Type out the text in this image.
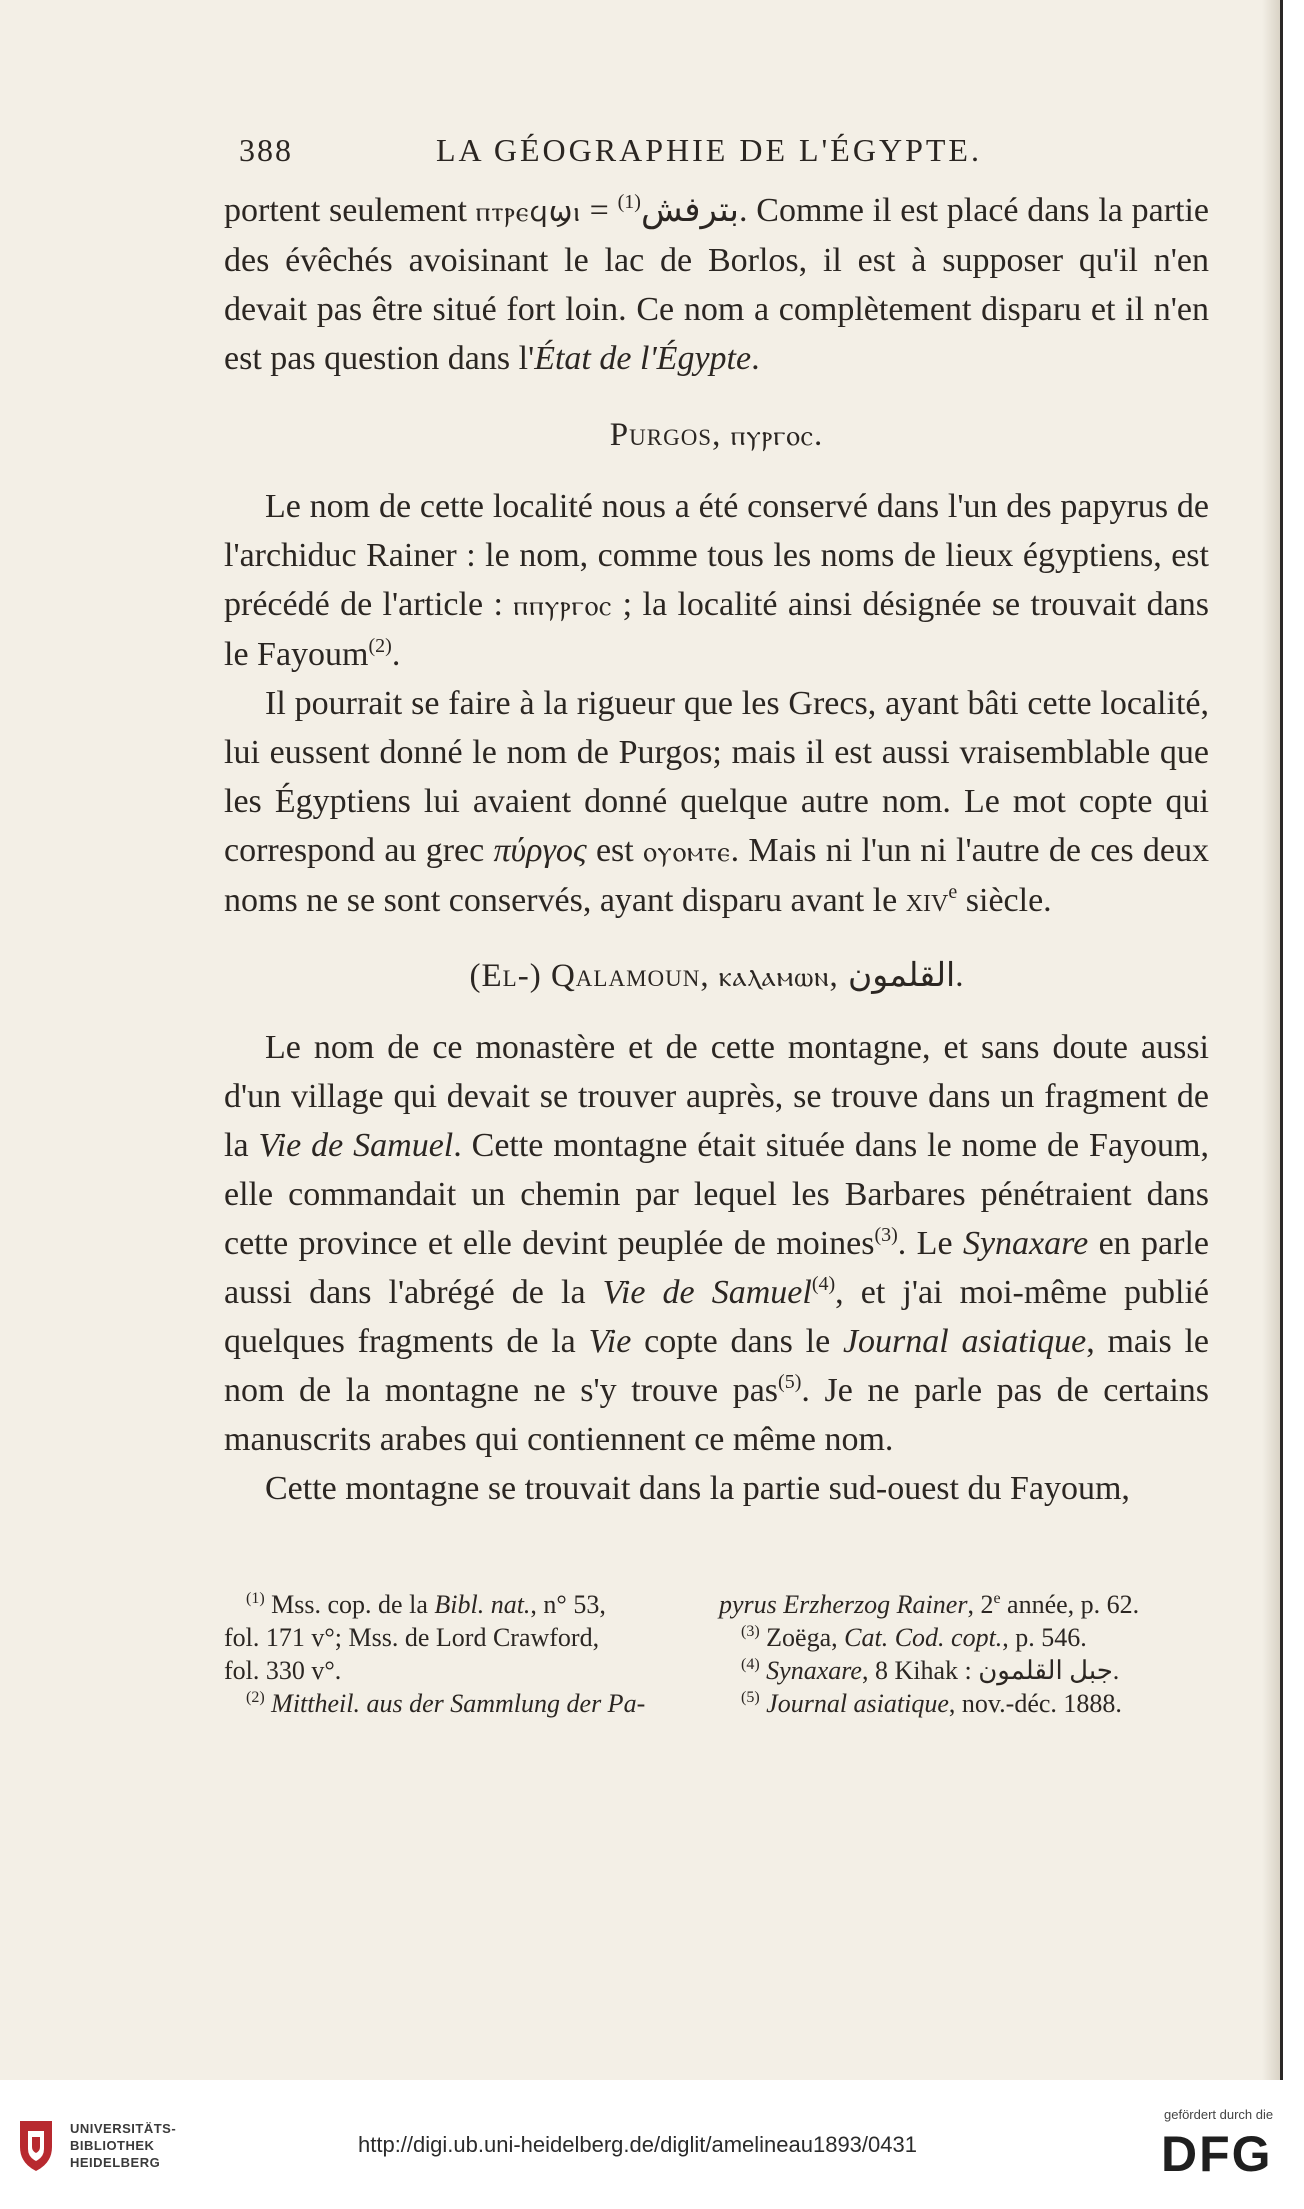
388	LA GÉOGRAPHIE DE L'ÉGYPTE.

portent seulement ⲡⲧⲣⲉϥϣⲓ = بترفش$^{(1)}$	. Comme il est placé dans la partie des évêchés avoisinant le lac de Borlos, il est à supposer qu'il n'en devait pas être situé fort loin. Ce nom a complètement disparu et il n'en est pas question dans l'État de l'Égypte.

Purgos, ⲡⲩⲣⲅⲟⲥ.

Le nom de cette localité nous a été conservé dans l'un des papyrus de l'archiduc Rainer : le nom, comme tous les noms de lieux égyptiens, est précédé de l'article : ⲡⲡⲩⲣⲅⲟⲥ ; la localité ainsi désignée se trouvait dans le Fayoum$^{(2)}$.

Il pourrait se faire à la rigueur que les Grecs, ayant bâti cette localité, lui eussent donné le nom de Purgos; mais il est aussi vraisemblable que les Égyptiens lui avaient donné quelque autre nom. Le mot copte qui correspond au grec πύργος est ⲟⲩⲟⲙⲧⲉ. Mais ni l'un ni l'autre de ces deux noms ne se sont conservés, ayant disparu avant le xiv$^e$ siècle.

(El-) Qalamoun, ⲕⲁⲗⲁⲙⲱⲛ, القلمون.

Le nom de ce monastère et de cette montagne, et sans doute aussi d'un village qui devait se trouver auprès, se trouve dans un fragment de la Vie de Samuel. Cette montagne était située dans le nome de Fayoum, elle commandait un chemin par lequel les Barbares pénétraient dans cette province et elle devint peuplée de moines$^{(3)}$. Le Synaxare en parle aussi dans l'abrégé de la Vie de Samuel$^{(4)}$, et j'ai moi-même publié quelques fragments de la Vie copte dans le Journal asiatique, mais le nom de la montagne ne s'y trouve pas$^{(5)}$. Je ne parle pas de certains manuscrits arabes qui contiennent ce même nom.

Cette montagne se trouvait dans la partie sud-ouest du Fayoum,

$^{(1)}$ Mss. cop. de la Bibl. nat., n° 53,
fol. 171 v°; Mss. de Lord Crawford,
fol. 330 v°.
$^{(2)}$ Mittheil. aus der Sammlung der Pa-
pyrus Erzherzog Rainer, 2e année, p. 62.
$^{(3)}$ Zoëga, Cat. Cod. copt., p. 546.
$^{(4)}$ Synaxare, 8 Kihak : جبل القلمون.
$^{(5)}$ Journal asiatique, nov.-déc. 1888.
UNIVERSITÄTS-
BIBLIOTHEK
HEIDELBERG
http://digi.ub.uni-heidelberg.de/diglit/amelineau1893/0431
gefördert durch die
DFG
